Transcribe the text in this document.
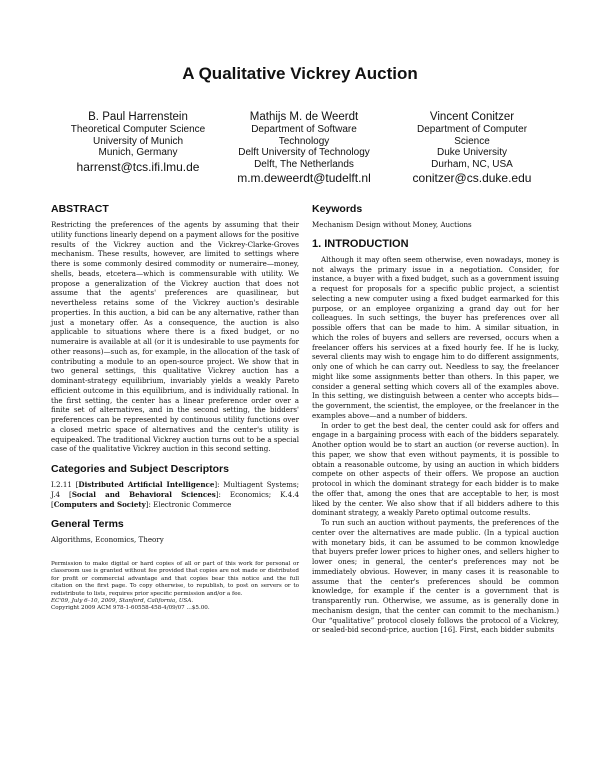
A Qualitative Vickrey Auction
B. Paul Harrenstein
Theoretical Computer Science
University of Munich
Munich, Germany
harrenst@tcs.ifi.lmu.de
Mathijs M. de Weerdt
Department of Software
Technology
Delft University of Technology
Delft, The Netherlands
m.m.deweerdt@tudelft.nl
Vincent Conitzer
Department of Computer
Science
Duke University
Durham, NC, USA
conitzer@cs.duke.edu
ABSTRACT

Restricting the preferences of the agents by assuming that their utility functions linearly depend on a payment allows for the positive results of the Vickrey auction and the Vickrey-Clarke-Groves mechanism. These results, however, are limited to settings where there is some commonly desired commodity or numeraire—money, shells, beads, etcetera—which is commensurable with utility. We propose a generalization of the Vickrey auction that does not assume that the agents' preferences are quasilinear, but nevertheless retains some of the Vickrey auction's desirable properties. In this auction, a bid can be any alternative, rather than just a monetary offer. As a consequence, the auction is also applicable to situations where there is a fixed budget, or no numeraire is available at all (or it is undesirable to use payments for other reasons)—such as, for example, in the allocation of the task of contributing a module to an open-source project. We show that in two general settings, this qualitative Vickrey auction has a dominant-strategy equilibrium, invariably yields a weakly Pareto efficient outcome in this equilibrium, and is individually rational. In the first setting, the center has a linear preference order over a finite set of alternatives, and in the second setting, the bidders' preferences can be represented by continuous utility functions over a closed metric space of alternatives and the center's utility is equipeaked. The traditional Vickrey auction turns out to be a special case of the qualitative Vickrey auction in this second setting.

Categories and Subject Descriptors

I.2.11 [Distributed Artificial Intelligence]: Multiagent Systems; J.4 [Social and Behavioral Sciences]: Economics; K.4.4 [Computers and Society]: Electronic Commerce

General Terms

Algorithms, Economics, Theory

Permission to make digital or hard copies of all or part of this work for personal or classroom use is granted without fee provided that copies are not made or distributed for profit or commercial advantage and that copies bear this notice and the full citation on the first page. To copy otherwise, to republish, to post on servers or to redistribute to lists, requires prior specific permission and/or a fee.
EC'09, July 6–10, 2009, Stanford, California, USA.
Copyright 2009 ACM 978-1-60558-458-4/09/07 ...$5.00.

Keywords

Mechanism Design without Money, Auctions

1. INTRODUCTION

Although it may often seem otherwise, even nowadays, money is not always the primary issue in a negotiation. Consider, for instance, a buyer with a fixed budget, such as a government issuing a request for proposals for a specific public project, a scientist selecting a new computer using a fixed budget earmarked for this purpose, or an employee organizing a grand day out for her colleagues. In such settings, the buyer has preferences over all possible offers that can be made to him. A similar situation, in which the roles of buyers and sellers are reversed, occurs when a freelancer offers his services at a fixed hourly fee. If he is lucky, several clients may wish to engage him to do different assignments, only one of which he can carry out. Needless to say, the freelancer might like some assignments better than others. In this paper, we consider a general setting which covers all of the examples above. In this setting, we distinguish between a center who accepts bids—the government, the scientist, the employee, or the freelancer in the examples above—and a number of bidders.

In order to get the best deal, the center could ask for offers and engage in a bargaining process with each of the bidders separately. Another option would be to start an auction (or reverse auction). In this paper, we show that even without payments, it is possible to obtain a reasonable outcome, by using an auction in which bidders compete on other aspects of their offers. We propose an auction protocol in which the dominant strategy for each bidder is to make the offer that, among the ones that are acceptable to her, is most liked by the center. We also show that if all bidders adhere to this dominant strategy, a weakly Pareto optimal outcome results.

To run such an auction without payments, the preferences of the center over the alternatives are made public. (In a typical auction with monetary bids, it can be assumed to be common knowledge that buyers prefer lower prices to higher ones, and sellers higher to lower ones; in general, the center's preferences may not be immediately obvious. However, in many cases it is reasonable to assume that the center's preferences should be common knowledge, for example if the center is a government that is transparently run. Otherwise, we assume, as is generally done in mechanism design, that the center can commit to the mechanism.) Our “qualitative” protocol closely follows the protocol of a Vickrey, or sealed-bid second-price, auction [16]. First, each bidder submits
